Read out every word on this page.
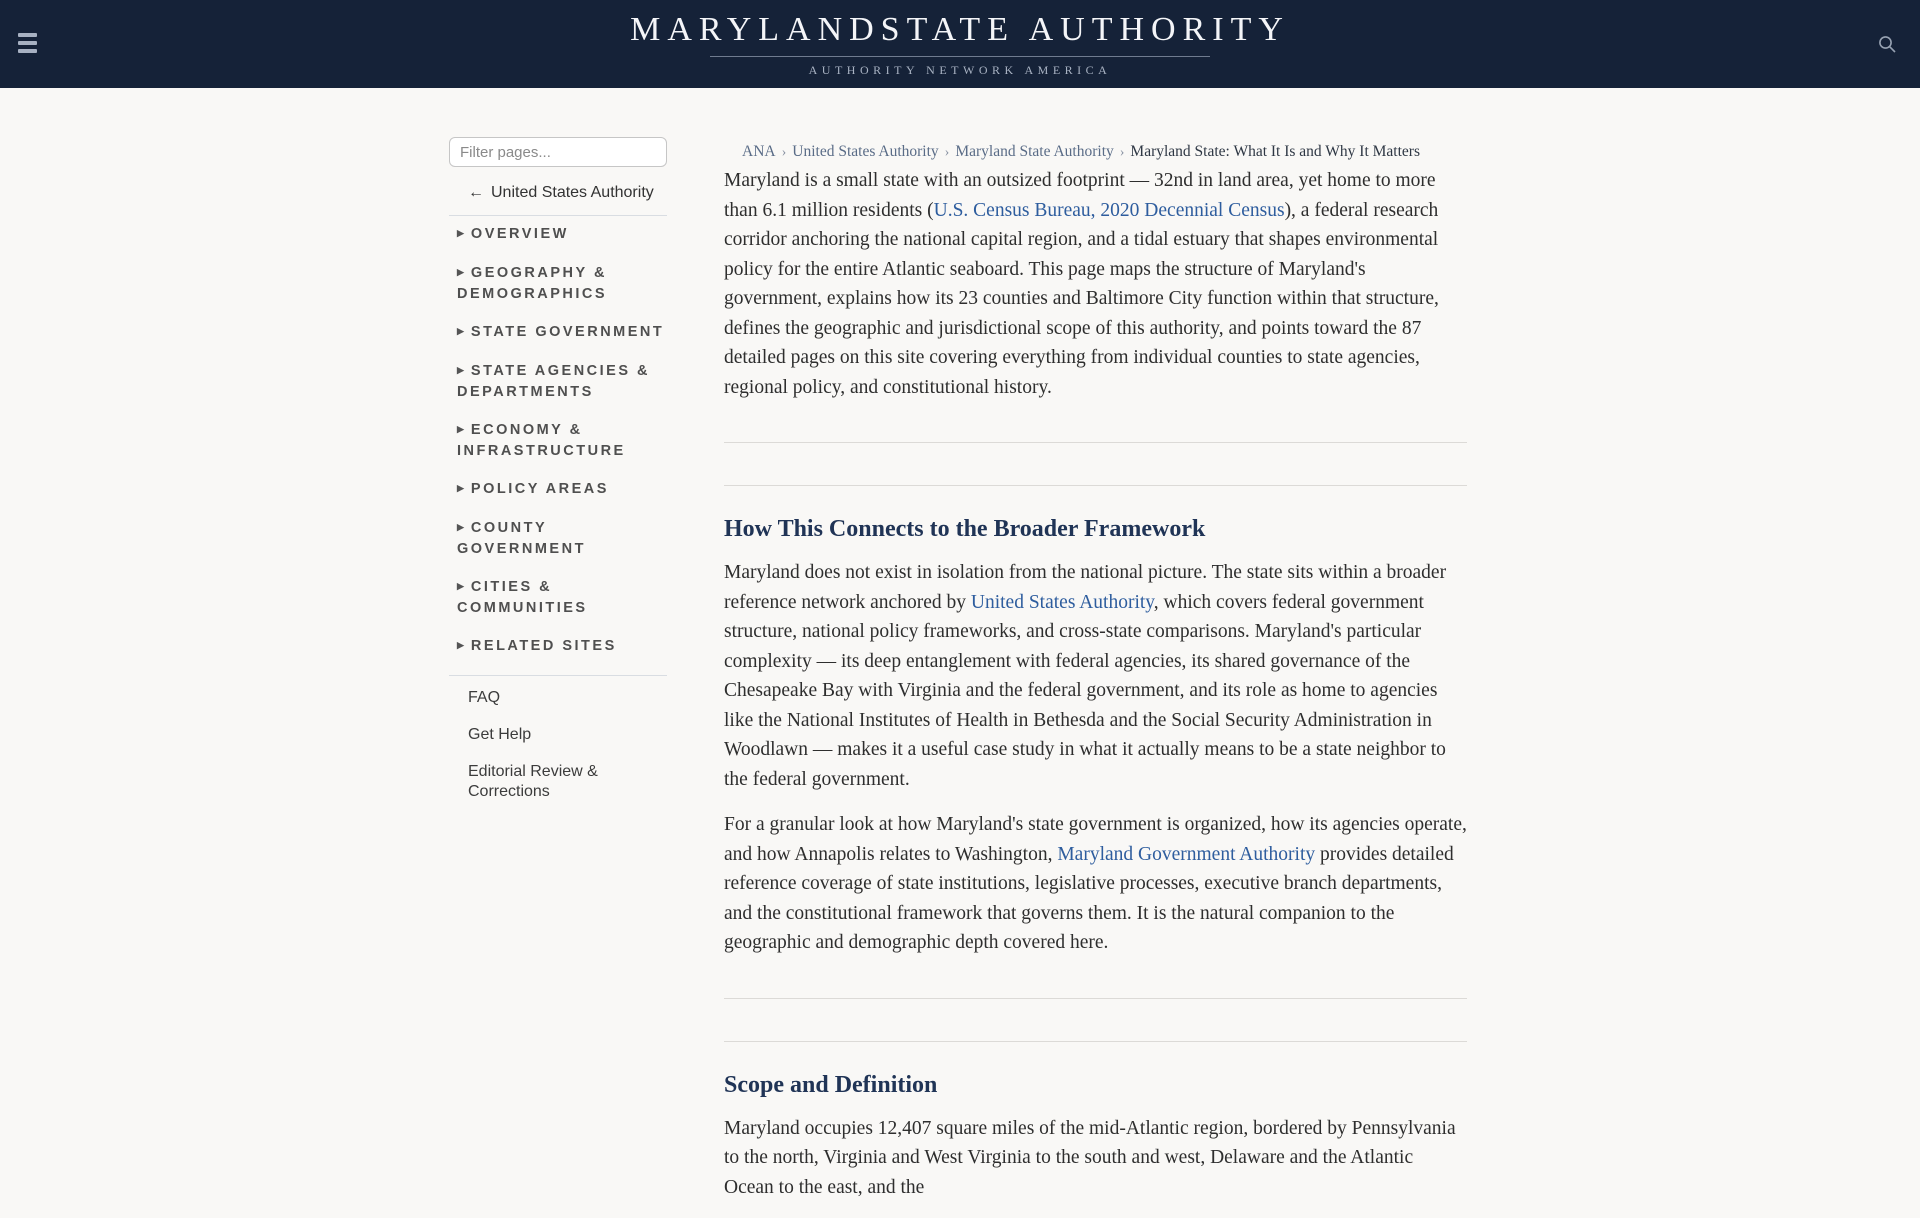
MARYLANDSTATE AUTHORITY
AUTHORITY NETWORK AMERICA
Filter pages...
← United States Authority
▶ OVERVIEW
▶ GEOGRAPHY & DEMOGRAPHICS
▶ STATE GOVERNMENT
▶ STATE AGENCIES & DEPARTMENTS
▶ ECONOMY & INFRASTRUCTURE
▶ POLICY AREAS
▶ COUNTY GOVERNMENT
▶ CITIES & COMMUNITIES
▶ RELATED SITES
FAQ
Get Help
Editorial Review & Corrections
ANA › United States Authority › Maryland State Authority › Maryland State: What It Is and Why It Matters

Maryland is a small state with an outsized footprint — 32nd in land area, yet home to more than 6.1 million residents (U.S. Census Bureau, 2020 Decennial Census), a federal research corridor anchoring the national capital region, and a tidal estuary that shapes environmental policy for the entire Atlantic seaboard. This page maps the structure of Maryland's government, explains how its 23 counties and Baltimore City function within that structure, defines the geographic and jurisdictional scope of this authority, and points toward the 87 detailed pages on this site covering everything from individual counties to state agencies, regional policy, and constitutional history.

How This Connects to the Broader Framework

Maryland does not exist in isolation from the national picture. The state sits within a broader reference network anchored by United States Authority, which covers federal government structure, national policy frameworks, and cross-state comparisons. Maryland's particular complexity — its deep entanglement with federal agencies, its shared governance of the Chesapeake Bay with Virginia and the federal government, and its role as home to agencies like the National Institutes of Health in Bethesda and the Social Security Administration in Woodlawn — makes it a useful case study in what it actually means to be a state neighbor to the federal government.

For a granular look at how Maryland's state government is organized, how its agencies operate, and how Annapolis relates to Washington, Maryland Government Authority provides detailed reference coverage of state institutions, legislative processes, executive branch departments, and the constitutional framework that governs them. It is the natural companion to the geographic and demographic depth covered here.

Scope and Definition

Maryland occupies 12,407 square miles of the mid-Atlantic region, bordered by Pennsylvania to the north, Virginia and West Virginia to the south and west, Delaware and the Atlantic Ocean to the east, and the
